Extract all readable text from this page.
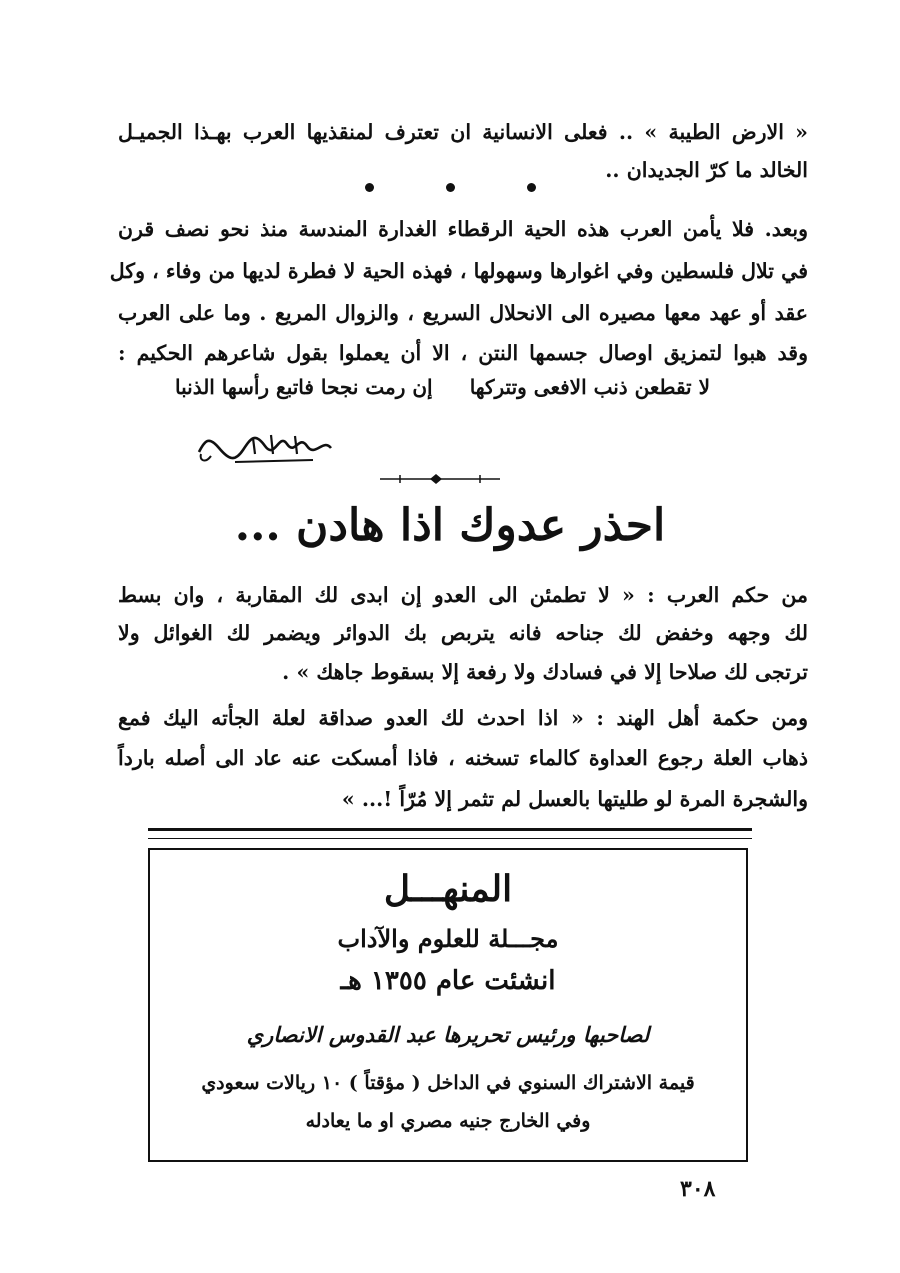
« الارض الطيبة » .. فعلى الانسانية ان تعترف لمنقذيها العرب بهـذا الجميـل
الخالد ما كرّ الجديدان ..
وبعد. فلا يأمن العرب هذه الحية الرقطاء الغدارة المندسة منذ نحو نصف قرن
في تلال فلسطين وفي اغوارها وسهولها ، فهذه الحية لا فطرة لديها من وفاء ، وكل
عقد أو عهد معها مصيره الى الانحلال السريع ، والزوال المريع . وما على العرب
وقد هبوا لتمزيق اوصال جسمها النتن ، الا أن يعملوا بقول شاعرهم الحكيم :
لا تقطعن ذنب الافعى وتتركها
إن رمت نجحا فاتبع رأسها الذنبا
احذر عدوك اذا هادن ...
من حكم العرب : « لا تطمئن الى العدو إن ابدى لك المقاربة ، وان بسط
لك وجهه وخفض لك جناحه فانه يتربص بك الدوائر ويضمر لك الغوائل ولا
ترتجى لك صلاحا إلا في فسادك ولا رفعة إلا بسقوط جاهك » .
ومن حكمة أهل الهند : « اذا احدث لك العدو صداقة لعلة الجأته اليك فمع
ذهاب العلة رجوع العداوة كالماء تسخنه ، فاذا أمسكت عنه عاد الى أصله بارداً
والشجرة المرة لو طليتها بالعسل لم تثمر إلا مُرّاً !... »
المنهـــل
مجـــلة للعلوم والآداب
انشئت عام ١٣٥٥ هـ
لصاحبها ورئيس تحريرها عبد القدوس الانصاري
قيمة الاشتراك السنوي في الداخل ( مؤقتاً ) ١٠ ريالات سعودي
وفي الخارج جنيه مصري او ما يعادله
٣٠٨
